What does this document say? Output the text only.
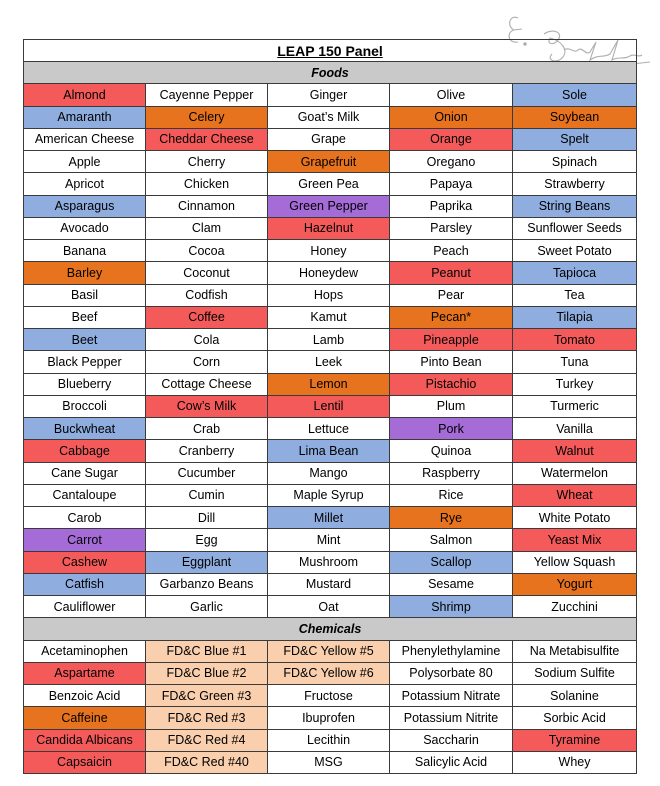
LEAP 150 Panel				
Foods				
Almond	Cayenne Pepper	Ginger	Olive	Sole
Amaranth	Celery	Goat’s Milk	Onion	Soybean
American Cheese	Cheddar Cheese	Grape	Orange	Spelt
Apple	Cherry	Grapefruit	Oregano	Spinach
Apricot	Chicken	Green Pea	Papaya	Strawberry
Asparagus	Cinnamon	Green Pepper	Paprika	String Beans
Avocado	Clam	Hazelnut	Parsley	Sunflower Seeds
Banana	Cocoa	Honey	Peach	Sweet Potato
Barley	Coconut	Honeydew	Peanut	Tapioca
Basil	Codfish	Hops	Pear	Tea
Beef	Coffee	Kamut	Pecan*	Tilapia
Beet	Cola	Lamb	Pineapple	Tomato
Black Pepper	Corn	Leek	Pinto Bean	Tuna
Blueberry	Cottage Cheese	Lemon	Pistachio	Turkey
Broccoli	Cow’s Milk	Lentil	Plum	Turmeric
Buckwheat	Crab	Lettuce	Pork	Vanilla
Cabbage	Cranberry	Lima Bean	Quinoa	Walnut
Cane Sugar	Cucumber	Mango	Raspberry	Watermelon
Cantaloupe	Cumin	Maple Syrup	Rice	Wheat
Carob	Dill	Millet	Rye	White Potato
Carrot	Egg	Mint	Salmon	Yeast Mix
Cashew	Eggplant	Mushroom	Scallop	Yellow Squash
Catfish	Garbanzo Beans	Mustard	Sesame	Yogurt
Cauliflower	Garlic	Oat	Shrimp	Zucchini
Chemicals				
Acetaminophen	FD&C Blue #1	FD&C Yellow #5	Phenylethylamine	Na Metabisulfite
Aspartame	FD&C Blue #2	FD&C Yellow #6	Polysorbate 80	Sodium Sulfite
Benzoic Acid	FD&C Green #3	Fructose	Potassium Nitrate	Solanine
Caffeine	FD&C Red #3	Ibuprofen	Potassium Nitrite	Sorbic Acid
Candida Albicans	FD&C Red #4	Lecithin	Saccharin	Tyramine
Capsaicin	FD&C Red #40	MSG	Salicylic Acid	Whey
